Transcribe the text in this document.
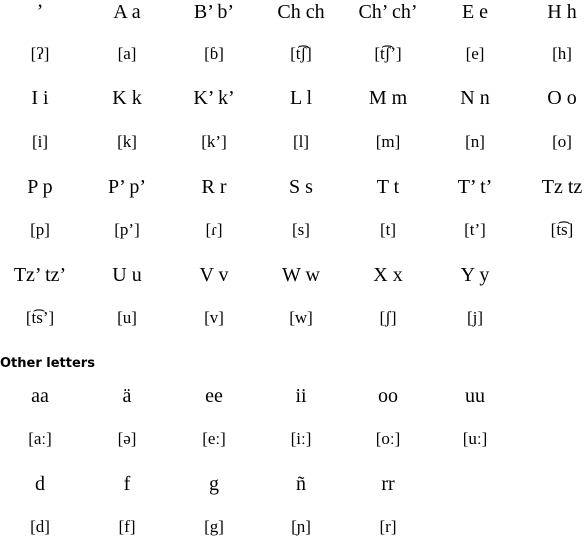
ʼ	A a	B’ b’	Ch ch	Ch’ ch’	E e	H h
[ʔ]	[a]	[ɓ]	[t͡ʃ]	[t͡ʃʼ]	[e]	[h]
I i	K k	K’ k’	L l	M m	N n	O o
[i]	[k]	[k’]	[l]	[m]	[n]	[o]
P p	P’ p’	R r	S s	T t	T’ t’	Tz tz
[p]	[p’]	[ɾ]	[s]	[t]	[t’]	[t͡s]
Tz’ tz’	U u	V v	W w	X x	Y y
[t͡s’]	[u]	[v]	[w]	[ʃ]	[j]
Other letters
aa	ä	ee	ii	oo	uu
[aː]	[ə]	[eː]	[iː]	[oː]	[uː]
d	f	g	ñ	rr
[d]	[f]	[g]	[ɲ]	[r]
